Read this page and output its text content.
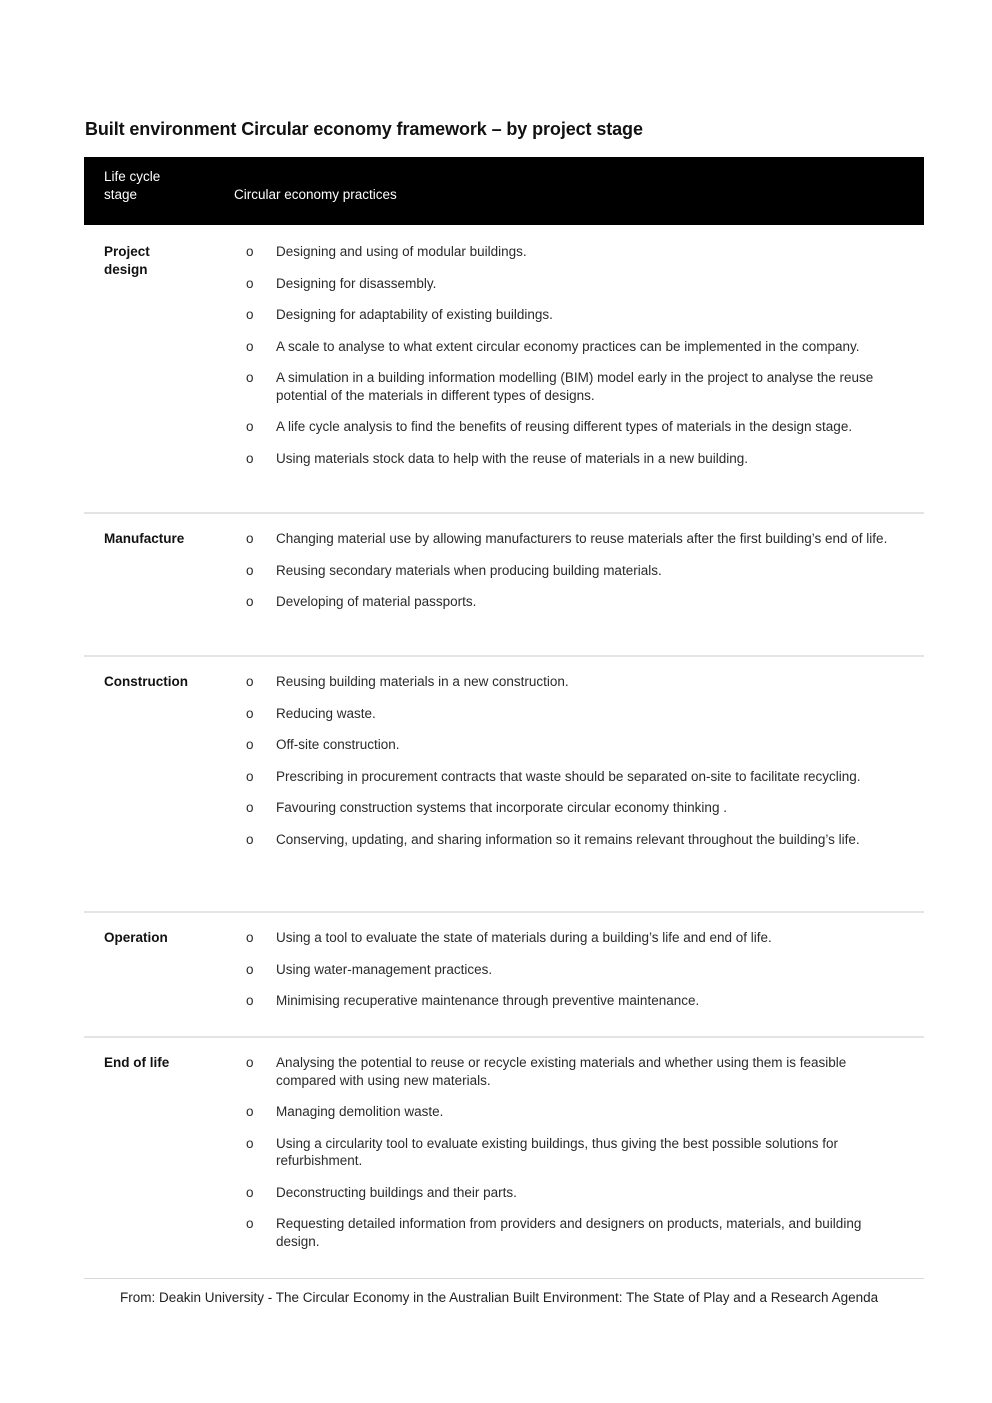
Built environment Circular economy framework – by project stage
Life cycle stage	Circular economy practices
Project design
o Designing and using of modular buildings.
o Designing for disassembly.
o Designing for adaptability of existing buildings.
o A scale to analyse to what extent circular economy practices can be implemented in the company.
o A simulation in a building information modelling (BIM) model early in the project to analyse the reuse potential of the materials in different types of designs.
o A life cycle analysis to find the benefits of reusing different types of materials in the design stage.
o Using materials stock data to help with the reuse of materials in a new building.
Manufacture	o Changing material use by allowing manufacturers to reuse materials after the first building’s end of life.
o Reusing secondary materials when producing building materials.
o Developing of material passports.
Construction	o Reusing building materials in a new construction.
o Reducing waste.
o Off-site construction.
o Prescribing in procurement contracts that waste should be separated on-site to facilitate recycling.
o Favouring construction systems that incorporate circular economy thinking .
o Conserving, updating, and sharing information so it remains relevant throughout the building’s life.
Operation	o Using a tool to evaluate the state of materials during a building’s life and end of life.
o Using water-management practices.
o Minimising recuperative maintenance through preventive maintenance.
End of life	o Analysing the potential to reuse or recycle existing materials and whether using them is feasible compared with using new materials.
o Managing demolition waste.
o Using a circularity tool to evaluate existing buildings, thus giving the best possible solutions for refurbishment.
o Deconstructing buildings and their parts.
o Requesting detailed information from providers and designers on products, materials, and building design.
From: Deakin University - The Circular Economy in the Australian Built Environment: The State of Play and a Research Agenda
